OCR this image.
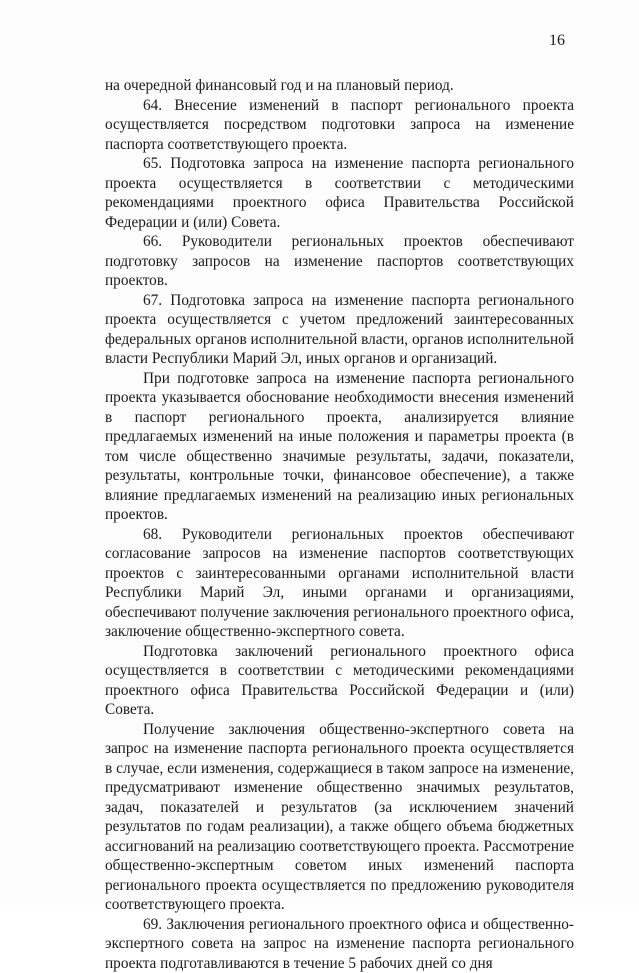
16

на очередной финансовый год и на плановый период.

64. Внесение изменений в паспорт регионального проекта осуществляется посредством подготовки запроса на изменение паспорта соответствующего проекта.

65. Подготовка запроса на изменение паспорта регионального проекта осуществляется в соответствии с методическими рекомендациями проектного офиса Правительства Российской Федерации и (или) Совета.

66. Руководители региональных проектов обеспечивают подготовку запросов на изменение паспортов соответствующих проектов.

67. Подготовка запроса на изменение паспорта регионального проекта осуществляется с учетом предложений заинтересованных федеральных органов исполнительной власти, органов исполнительной власти Республики Марий Эл, иных органов и организаций.

При подготовке запроса на изменение паспорта регионального проекта указывается обоснование необходимости внесения изменений в паспорт регионального проекта, анализируется влияние предлагаемых изменений на иные положения и параметры проекта (в том числе общественно значимые результаты, задачи, показатели, результаты, контрольные точки, финансовое обеспечение), а также влияние предлагаемых изменений на реализацию иных региональных проектов.

68. Руководители региональных проектов обеспечивают согласование запросов на изменение паспортов соответствующих проектов с заинтересованными органами исполнительной власти Республики Марий Эл, иными органами и организациями, обеспечивают получение заключения регионального проектного офиса, заключение общественно-экспертного совета.

Подготовка заключений регионального проектного офиса осуществляется в соответствии с методическими рекомендациями проектного офиса Правительства Российской Федерации и (или) Совета.

Получение заключения общественно-экспертного совета на запрос на изменение паспорта регионального проекта осуществляется в случае, если изменения, содержащиеся в таком запросе на изменение, предусматривают изменение общественно значимых результатов, задач, показателей и результатов (за исключением значений результатов по годам реализации), а также общего объема бюджетных ассигнований на реализацию соответствующего проекта. Рассмотрение общественно-экспертным советом иных изменений паспорта регионального проекта осуществляется по предложению руководителя соответствующего проекта.

69. Заключения регионального проектного офиса и общественно-экспертного совета на запрос на изменение паспорта регионального проекта подготавливаются в течение 5 рабочих дней со дня
